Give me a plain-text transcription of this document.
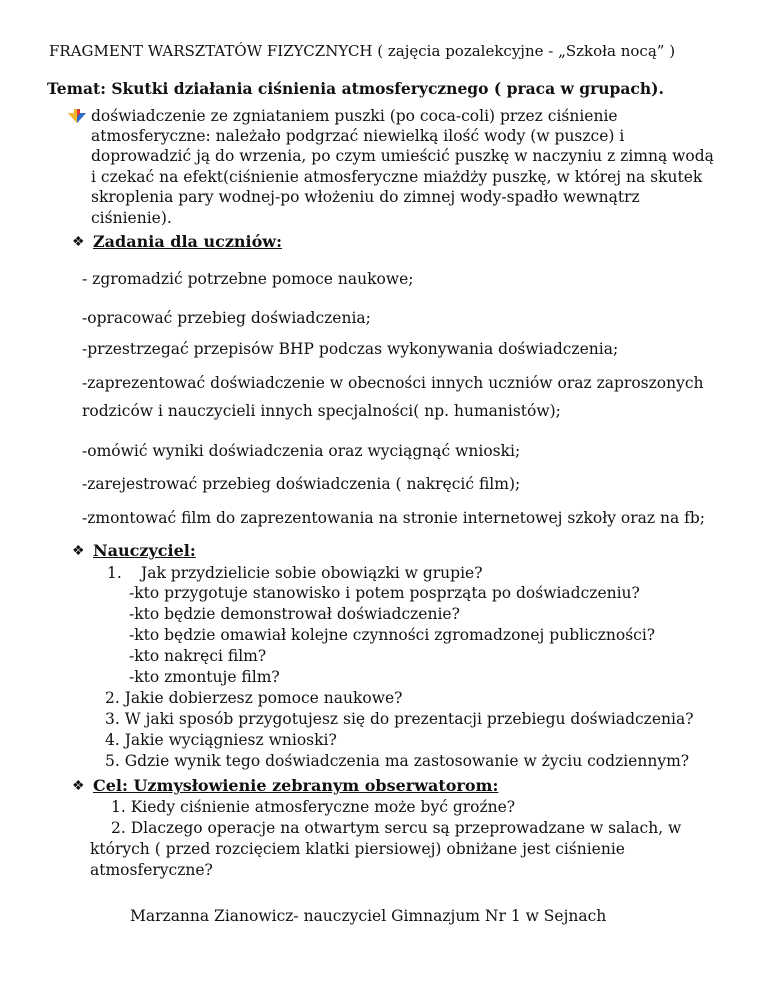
FRAGMENT WARSZTATÓW FIZYCZNYCH ( zajęcia pozalekcyjne - „Szkoła nocą” )
Temat: Skutki działania ciśnienia atmosferycznego ( praca w grupach).
doświadczenie ze zgniataniem puszki (po coca-coli) przez ciśnienie
atmosferyczne: należało podgrzać niewielką ilość wody (w puszce) i
doprowadzić ją do wrzenia, po czym umieścić puszkę w naczyniu z zimną wodą
i czekać na efekt(ciśnienie atmosferyczne miażdży puszkę, w której na skutek
skroplenia pary wodnej-po włożeniu do zimnej wody-spadło wewnątrz
ciśnienie).
❖ Zadania dla uczniów:
- zgromadzić potrzebne pomoce naukowe;
-opracować przebieg doświadczenia;
-przestrzegać przepisów BHP podczas wykonywania doświadczenia;
-zaprezentować doświadczenie w obecności innych uczniów oraz zaproszonych
rodziców i nauczycieli innych specjalności( np. humanistów);
-omówić wyniki doświadczenia oraz wyciągnąć wnioski;
-zarejestrować przebieg doświadczenia ( nakręcić film);
-zmontować film do zaprezentowania na stronie internetowej szkoły oraz na fb;
❖ Nauczyciel:
1. Jak przydzielicie sobie obowiązki w grupie?
-kto przygotuje stanowisko i potem posprząta po doświadczeniu?
-kto będzie demonstrował doświadczenie?
-kto będzie omawiał kolejne czynności zgromadzonej publiczności?
-kto nakręci film?
-kto zmontuje film?
2. Jakie dobierzesz pomoce naukowe?
3. W jaki sposób przygotujesz się do prezentacji przebiegu doświadczenia?
4. Jakie wyciągniesz wnioski?
5. Gdzie wynik tego doświadczenia ma zastosowanie w życiu codziennym?
❖ Cel: Uzmysłowienie zebranym obserwatorom:
1. Kiedy ciśnienie atmosferyczne może być groźne?
2. Dlaczego operacje na otwartym sercu są przeprowadzane w salach, w
których ( przed rozcięciem klatki piersiowej) obniżane jest ciśnienie
atmosferyczne?
Marzanna Zianowicz- nauczyciel Gimnazjum Nr 1 w Sejnach
